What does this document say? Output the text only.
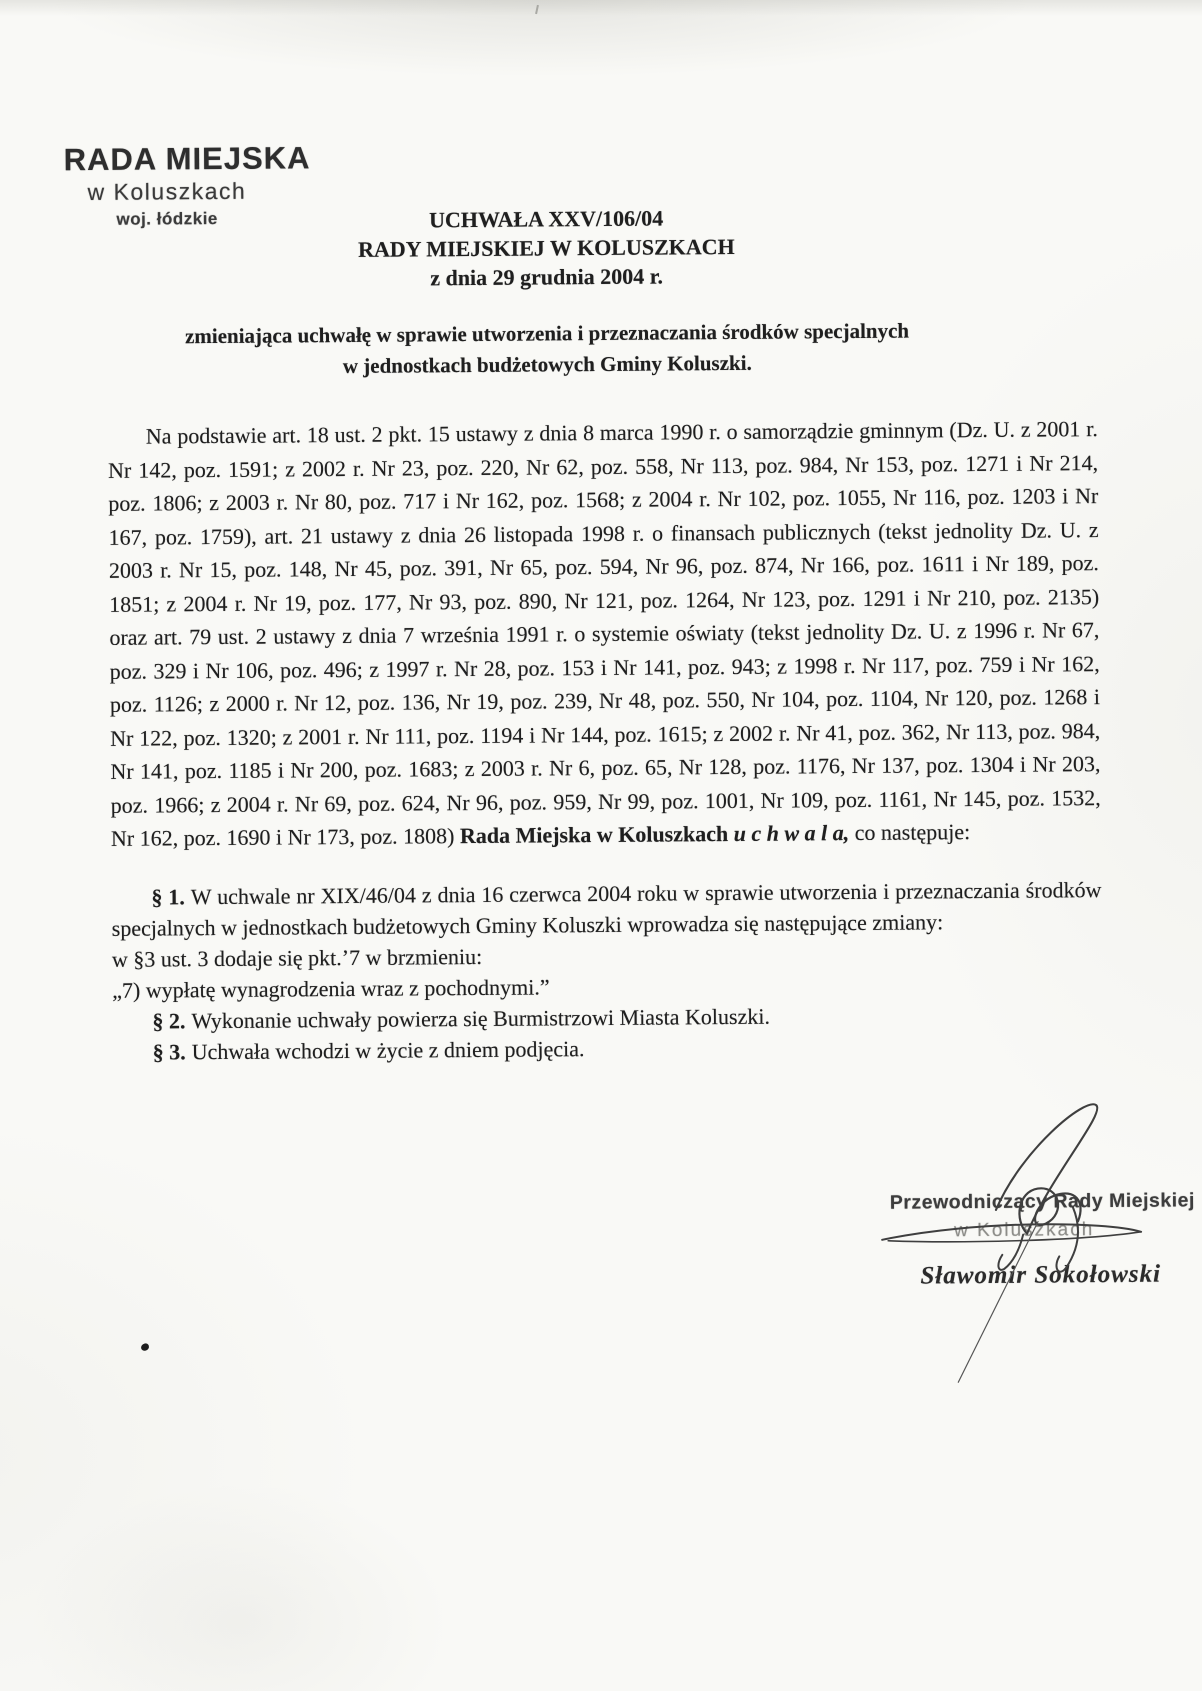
RADA MIEJSKA
w Koluszkach
woj. łódzkie	UCHWAŁA XXV/106/04
RADY MIEJSKIEJ W KOLUSZKACH
z dnia 29 grudnia 2004 r.
zmieniająca uchwałę w sprawie utworzenia i przeznaczania środków specjalnych
w jednostkach budżetowych Gminy Koluszki.

Na podstawie art. 18 ust. 2 pkt. 15 ustawy z dnia 8 marca 1990 r. o samorządzie gminnym (Dz. U. z 2001 r. Nr 142, poz. 1591; z 2002 r. Nr 23, poz. 220, Nr 62, poz. 558, Nr 113, poz. 984, Nr 153, poz. 1271 i Nr 214, poz. 1806; z 2003 r. Nr 80, poz. 717 i Nr 162, poz. 1568; z 2004 r. Nr 102, poz. 1055, Nr 116, poz. 1203 i Nr 167, poz. 1759), art. 21 ustawy z dnia 26 listopada 1998 r. o finansach publicznych (tekst jednolity Dz. U. z 2003 r. Nr 15, poz. 148, Nr 45, poz. 391, Nr 65, poz. 594, Nr 96, poz. 874, Nr 166, poz. 1611 i Nr 189, poz. 1851; z 2004 r. Nr 19, poz. 177, Nr 93, poz. 890, Nr 121, poz. 1264, Nr 123, poz. 1291 i Nr 210, poz. 2135) oraz art. 79 ust. 2 ustawy z dnia 7 września 1991 r. o systemie oświaty (tekst jednolity Dz. U. z 1996 r. Nr 67, poz. 329 i Nr 106, poz. 496; z 1997 r. Nr 28, poz. 153 i Nr 141, poz. 943; z 1998 r. Nr 117, poz. 759 i Nr 162, poz. 1126; z 2000 r. Nr 12, poz. 136, Nr 19, poz. 239, Nr 48, poz. 550, Nr 104, poz. 1104, Nr 120, poz. 1268 i Nr 122, poz. 1320; z 2001 r. Nr 111, poz. 1194 i Nr 144, poz. 1615; z 2002 r. Nr 41, poz. 362, Nr 113, poz. 984, Nr 141, poz. 1185 i Nr 200, poz. 1683; z 2003 r. Nr 6, poz. 65, Nr 128, poz. 1176, Nr 137, poz. 1304 i Nr 203, poz. 1966; z 2004 r. Nr 69, poz. 624, Nr 96, poz. 959, Nr 99, poz. 1001, Nr 109, poz. 1161, Nr 145, poz. 1532, Nr 162, poz. 1690 i Nr 173, poz. 1808) Rada Miejska w Koluszkach u c h w a l a, co następuje:

§ 1. W uchwale nr XIX/46/04 z dnia 16 czerwca 2004 roku w sprawie utworzenia i przeznaczania środków specjalnych w jednostkach budżetowych Gminy Koluszki wprowadza się następujące zmiany:

w §3 ust. 3 dodaje się pkt.’7 w brzmieniu:

„7) wypłatę wynagrodzenia wraz z pochodnymi.”

§ 2. Wykonanie uchwały powierza się Burmistrzowi Miasta Koluszki.

§ 3. Uchwała wchodzi w życie z dniem podjęcia.

Przewodniczący Rady Miejskiej
w Koluszkach
Sławomir Sokołowski
